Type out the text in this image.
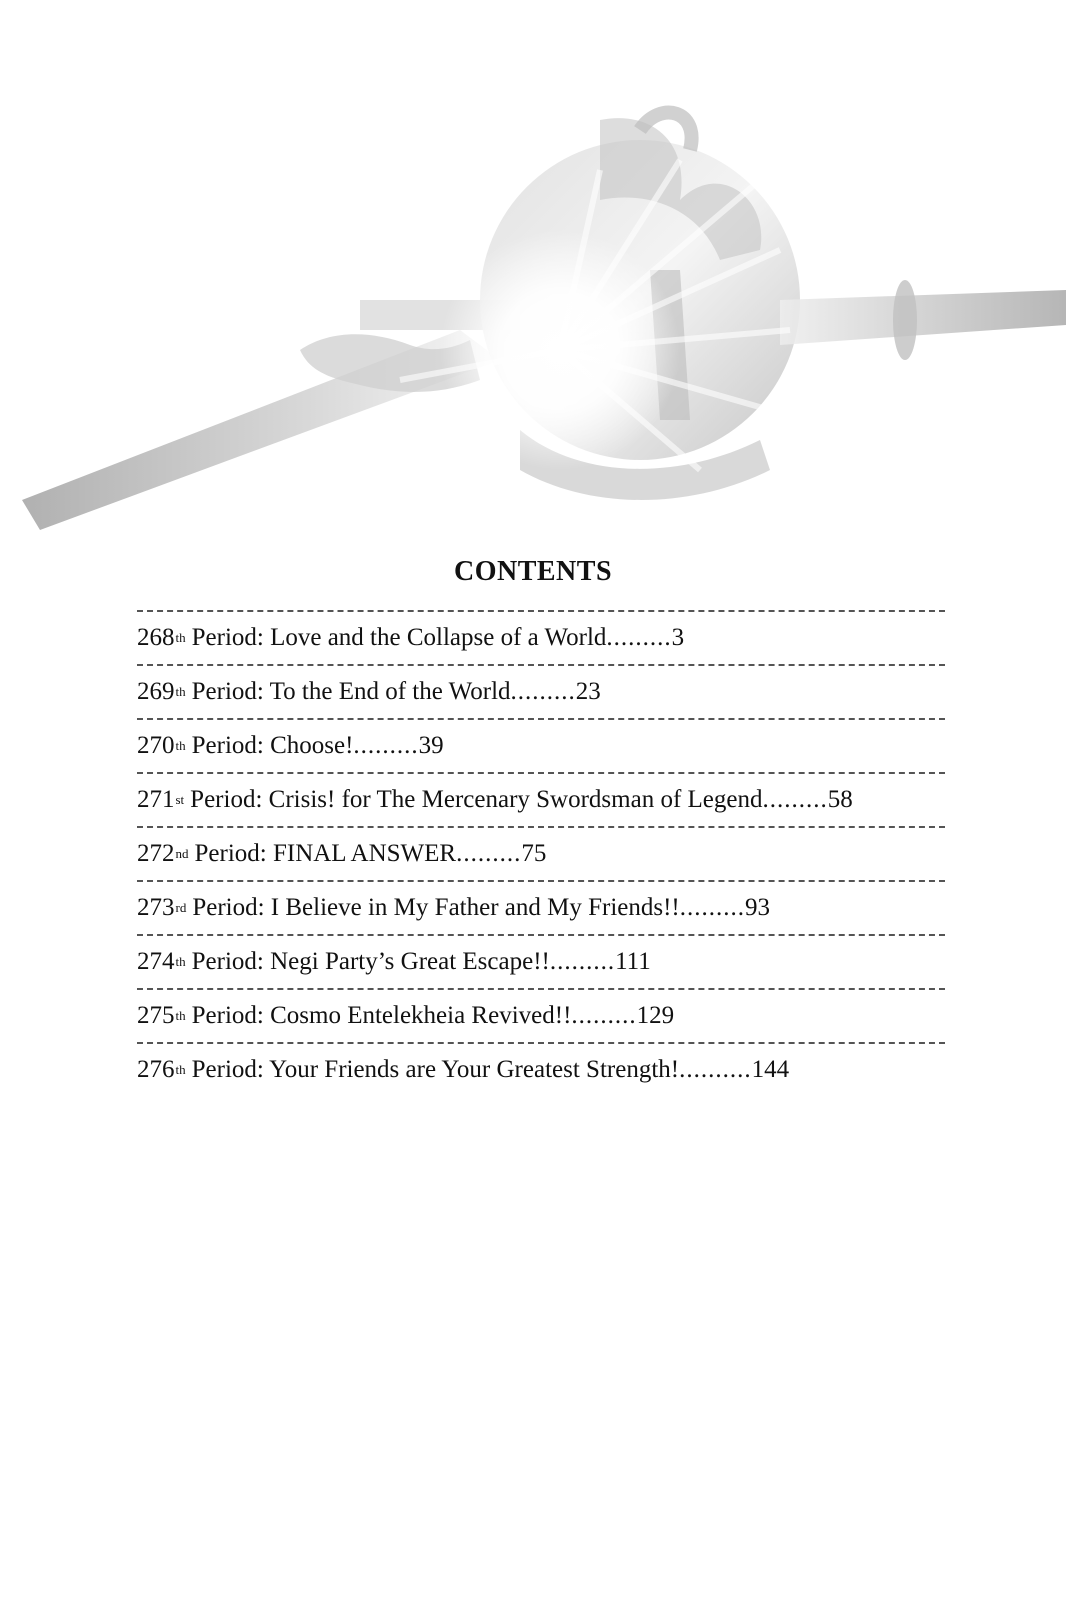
CONTENTS
268 th Period: Love and the Collapse of a World ......... 3
269 th Period: To the End of the World ......... 23
270 th Period: Choose! ......... 39
271 st Period: Crisis! for The Mercenary Swordsman of Legend ......... 58
272 nd Period: FINAL ANSWER ......... 75
273 rd Period: I Believe in My Father and My Friends!! ......... 93
274 th Period: Negi Party’s Great Escape!! ......... 111
275 th Period: Cosmo Entelekheia Revived!! ......... 129
276 th Period: Your Friends are Your Greatest Strength! .......... 144
